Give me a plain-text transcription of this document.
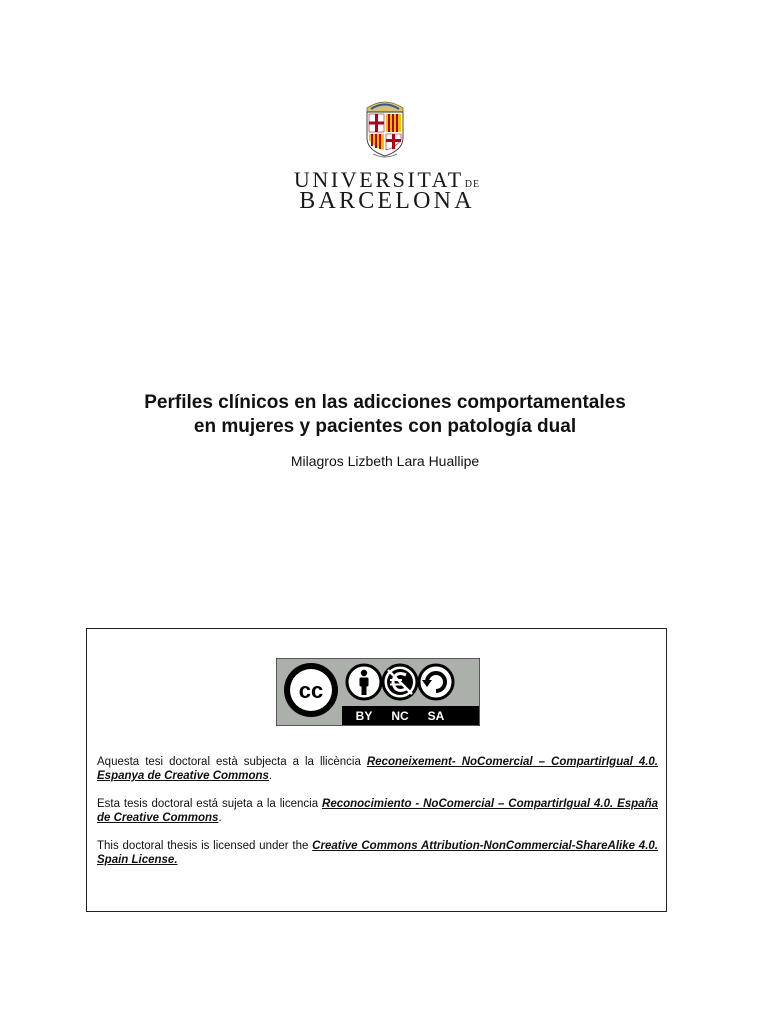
UNIVERSITATDE
BARCELONA
Perfiles clínicos en las adicciones comportamentales
en mujeres y pacientes con patología dual
Milagros Lizbeth Lara Huallipe
cc
BY NC SA
Aquesta tesi doctoral està subjecta a la llicència Reconeixement- NoComercial – CompartirIgual 4.0. Espanya de Creative Commons.
Esta tesis doctoral está sujeta a la licencia Reconocimiento - NoComercial – CompartirIgual 4.0. España de Creative Commons.
This doctoral thesis is licensed under the Creative Commons Attribution-NonCommercial-ShareAlike 4.0. Spain License.
